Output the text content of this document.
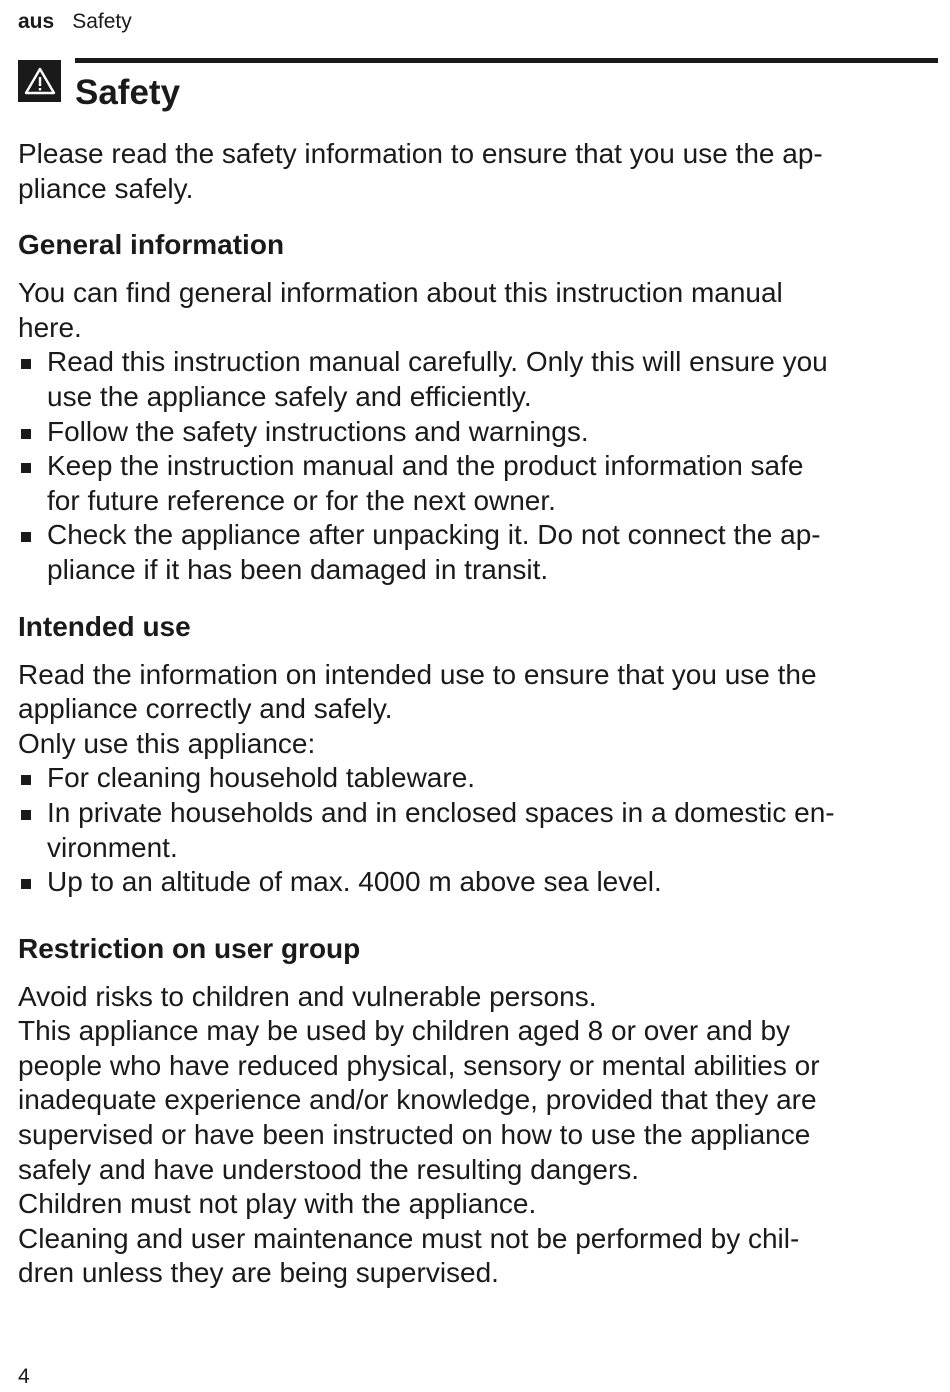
aus Safety
Safety

Please read the safety information to ensure that you use the ap-
pliance safely.

General information

You can find general information about this instruction manual
here.

Read this instruction manual carefully. Only this will ensure you
use the appliance safely and efficiently.
Follow the safety instructions and warnings.
Keep the instruction manual and the product information safe
for future reference or for the next owner.
Check the appliance after unpacking it. Do not connect the ap-
pliance if it has been damaged in transit.
Intended use

Read the information on intended use to ensure that you use the
appliance correctly and safely.
Only use this appliance:

For cleaning household tableware.
In private households and in enclosed spaces in a domestic en-
vironment.
Up to an altitude of max. 4000 m above sea level.
Restriction on user group

Avoid risks to children and vulnerable persons.
This appliance may be used by children aged 8 or over and by
people who have reduced physical, sensory or mental abilities or
inadequate experience and/or knowledge, provided that they are
supervised or have been instructed on how to use the appliance
safely and have understood the resulting dangers.
Children must not play with the appliance.
Cleaning and user maintenance must not be performed by chil-
dren unless they are being supervised.

4
